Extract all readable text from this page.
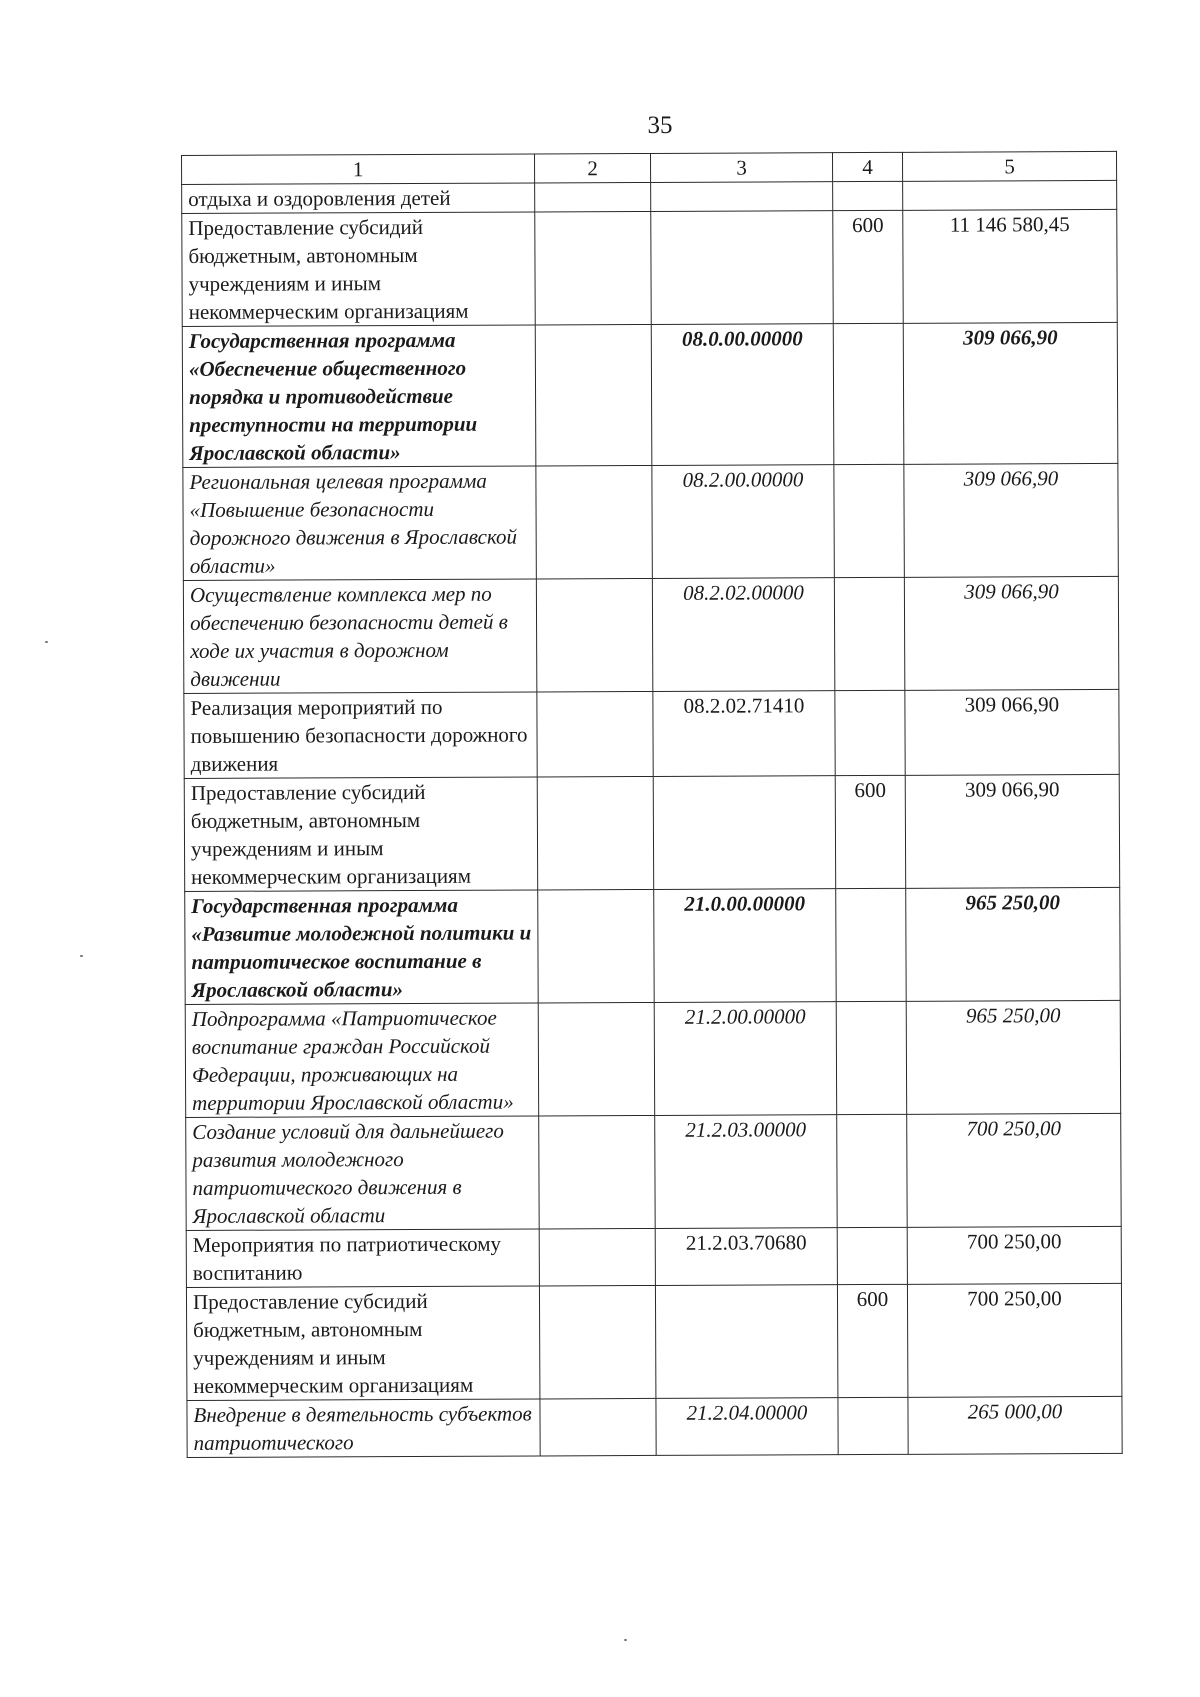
35
1	2	3	4	5
отдыха и оздоровления детей				
Предоставление субсидий бюджетным, автономным учреждениям и иным некоммерческим организациям			600	11 146 580,45
Государственная программа «Обеспечение общественного порядка и противодействие преступности на территории Ярославской области»		08.0.00.00000		309 066,90
Региональная целевая программа «Повышение безопасности дорожного движения в Ярославской области»		08.2.00.00000		309 066,90
Осуществление комплекса мер по обеспечению безопасности детей в ходе их участия в дорожном движении		08.2.02.00000		309 066,90
Реализация мероприятий по повышению безопасности дорожного движения		08.2.02.71410		309 066,90
Предоставление субсидий бюджетным, автономным учреждениям и иным некоммерческим организациям			600	309 066,90
Государственная программа «Развитие молодежной политики и патриотическое воспитание в Ярославской области»		21.0.00.00000		965 250,00
Подпрограмма «Патриотическое воспитание граждан Российской Федерации, проживающих на территории Ярославской области»		21.2.00.00000		965 250,00
Создание условий для дальнейшего развития молодежного патриотического движения в Ярославской области		21.2.03.00000		700 250,00
Мероприятия по патриотическому воспитанию		21.2.03.70680		700 250,00
Предоставление субсидий бюджетным, автономным учреждениям и иным некоммерческим организациям			600	700 250,00
Внедрение в деятельность субъектов патриотического		21.2.04.00000		265 000,00
